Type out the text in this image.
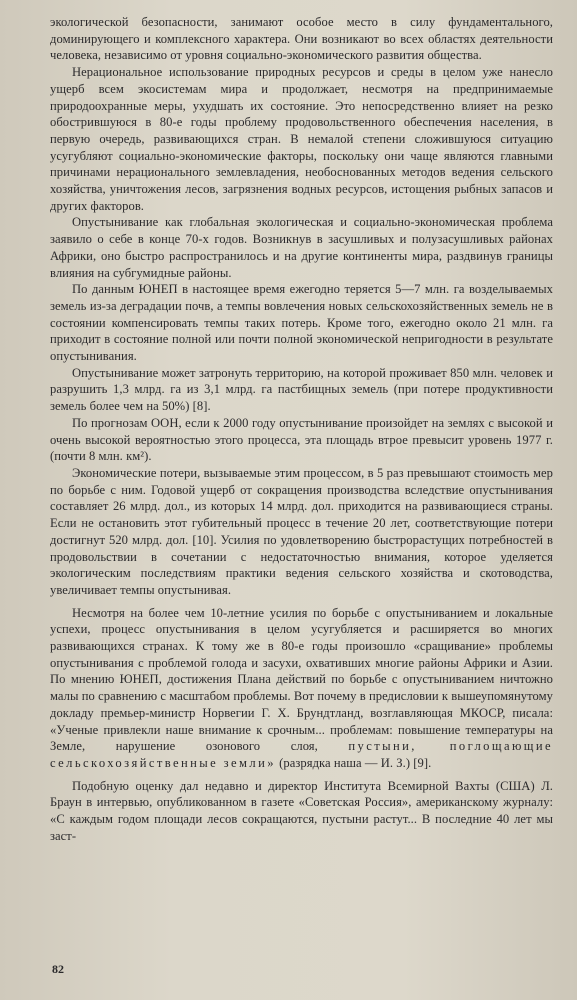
экологической безопасности, занимают особое место в силу фундаментального, доминирующего и комплексного характера. Они возникают во всех областях деятельности человека, независимо от уровня социально-экономического развития общества.

Нерациональное использование природных ресурсов и среды в целом уже нанесло ущерб всем экосистемам мира и продолжает, несмотря на предпринимаемые природоохранные меры, ухудшать их состояние. Это непосредственно влияет на резко обострившуюся в 80-е годы проблему продовольственного обеспечения населения, в первую очередь, развивающихся стран. В немалой степени сложившуюся ситуацию усугубляют социально-экономические факторы, поскольку они чаще являются главными причинами нерационального землевладения, необоснованных методов ведения сельского хозяйства, уничтожения лесов, загрязнения водных ресурсов, истощения рыбных запасов и других факторов.

Опустынивание как глобальная экологическая и социально-экономическая проблема заявило о себе в конце 70-х годов. Возникнув в засушливых и полузасушливых районах Африки, оно быстро распространилось и на другие континенты мира, раздвинув границы влияния на субгумидные районы.

По данным ЮНЕП в настоящее время ежегодно теряется 5—7 млн. га возделываемых земель из-за деградации почв, а темпы вовлечения новых сельскохозяйственных земель не в состоянии компенсировать темпы таких потерь. Кроме того, ежегодно около 21 млн. га приходит в состояние полной или почти полной экономической непригодности в результате опустынивания.

Опустынивание может затронуть территорию, на которой проживает 850 млн. человек и разрушить 1,3 млрд. га из 3,1 млрд. га пастбищных земель (при потере продуктивности земель более чем на 50%) [8].

По прогнозам ООН, если к 2000 году опустынивание произойдет на землях с высокой и очень высокой вероятностью этого процесса, эта площадь втрое превысит уровень 1977 г. (почти 8 млн. км²).

Экономические потери, вызываемые этим процессом, в 5 раз превышают стоимость мер по борьбе с ним. Годовой ущерб от сокращения производства вследствие опустынивания составляет 26 млрд. дол., из которых 14 млрд. дол. приходится на развивающиеся страны. Если не остановить этот губительный процесс в течение 20 лет, соответствующие потери достигнут 520 млрд. дол. [10]. Усилия по удовлетворению быстрорастущих потребностей в продовольствии в сочетании с недостаточностью внимания, которое уделяется экологическим последствиям практики ведения сельского хозяйства и скотоводства, увеличивает темпы опустынивая.

Несмотря на более чем 10-летние усилия по борьбе с опустыниванием и локальные успехи, процесс опустынивания в целом усугубляется и расширяется во многих развивающихся странах. К тому же в 80-е годы произошло «сращивание» проблемы опустынивания с проблемой голода и засухи, охвативших многие районы Африки и Азии. По мнению ЮНЕП, достижения Плана действий по борьбе с опустыниванием ничтожно малы по сравнению с масштабом проблемы. Вот почему в предисловии к вышеупомянутому докладу премьер-министр Норвегии Г. Х. Брундтланд, возглавляющая МКОСР, писала: «Ученые привлекли наше внимание к срочным... проблемам: повышение температуры на Земле, нарушение озонового слоя, пустыни, поглощающие сельскохозяйственные земли» (разрядка наша — И. З.) [9].

Подобную оценку дал недавно и директор Института Всемирной Вахты (США) Л. Браун в интервью, опубликованном в газете «Советская Россия», американскому журналу: «С каждым годом площади лесов сокращаются, пустыни растут... В последние 40 лет мы заст-

82
